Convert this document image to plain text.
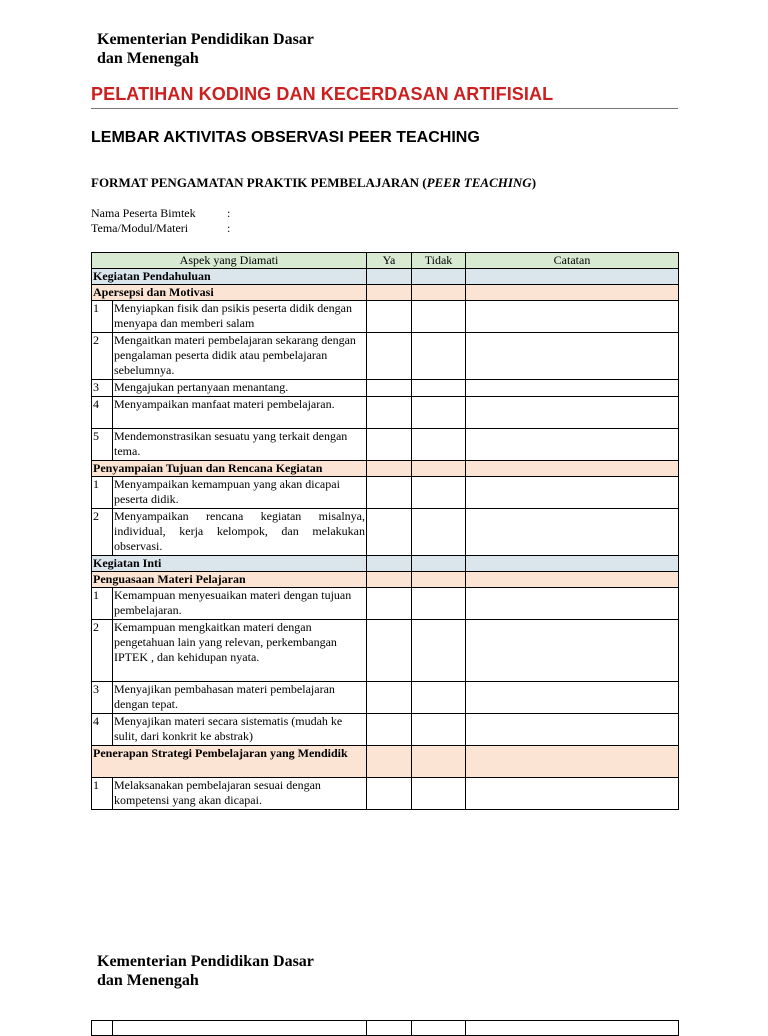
Kementerian Pendidikan Dasar
dan Menengah
PELATIHAN KODING DAN KECERDASAN ARTIFISIAL
LEMBAR AKTIVITAS OBSERVASI PEER TEACHING
FORMAT PENGAMATAN PRAKTIK PEMBELAJARAN (PEER TEACHING)
Nama Peserta Bimtek	:
Tema/Modul/Materi	:
Aspek yang Diamati		Ya	Tidak	Catatan
Kegiatan Pendahuluan				
Apersepsi dan Motivasi				
1	Menyiapkan fisik dan psikis peserta didik dengan menyapa dan memberi salam			
2	Mengaitkan materi pembelajaran sekarang dengan pengalaman peserta didik atau pembelajaran sebelumnya.			
3	Mengajukan pertanyaan menantang.			
4	Menyampaikan manfaat materi pembelajaran.			
5	Mendemonstrasikan sesuatu yang terkait dengan tema.			
Penyampaian Tujuan dan Rencana Kegiatan				
1	Menyampaikan kemampuan yang akan dicapai peserta didik.			
2	Menyampaikan rencana kegiatan misalnya, individual, kerja kelompok, dan melakukan observasi.			
Kegiatan Inti				
Penguasaan Materi Pelajaran				
1	Kemampuan menyesuaikan materi dengan tujuan pembelajaran.			
2	Kemampuan mengkaitkan materi dengan pengetahuan lain yang relevan, perkembangan IPTEK , dan kehidupan nyata.			
3	Menyajikan pembahasan materi pembelajaran dengan tepat.			
4	Menyajikan materi secara sistematis (mudah ke sulit, dari konkrit ke abstrak)			
Penerapan Strategi Pembelajaran yang Mendidik				
1	Melaksanakan pembelajaran sesuai dengan kompetensi yang akan dicapai.			
Kementerian Pendidikan Dasar
dan Menengah
